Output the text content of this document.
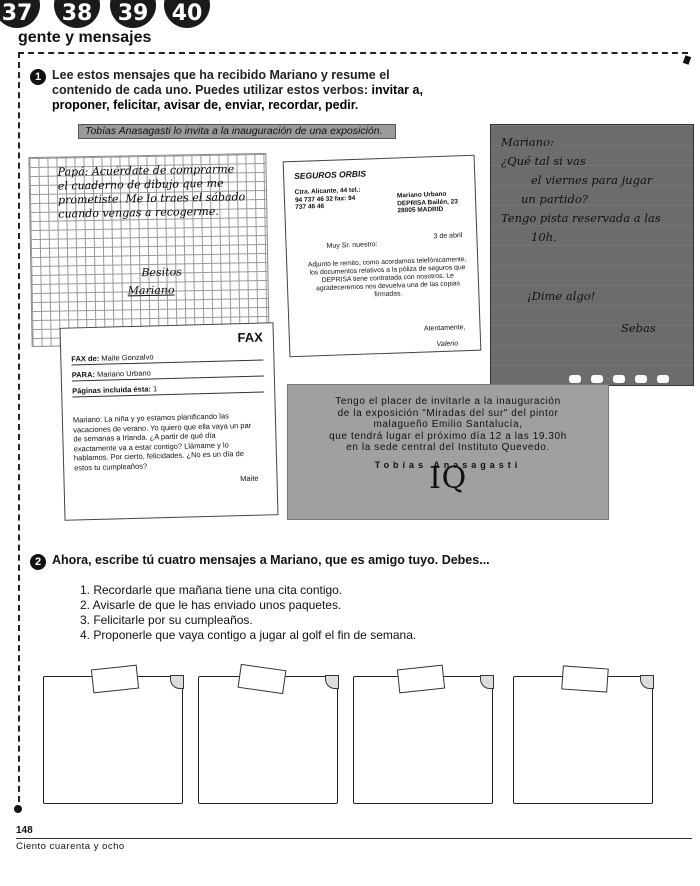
37	38	39	40
gente y mensajes
1 Lee estos mensajes que ha recibido Mariano y resume el contenido de cada uno. Puedes utilizar estos verbos: invitar a, proponer, felicitar, avisar de, enviar, recordar, pedir.
Tobías Anasagasti lo invita a la inauguración de una exposición.
Papá: Acuérdate de comprarme el cuaderno de dibujo que me prometiste. Me lo traes el sábado cuando vengas a recogerme.
Besitos
Mariano
SEGUROS ORBIS
Ctra. Alicante, 44 tel.: 94 737 46 32 fax: 94 737 46 46
Mariano Urbano DEPRISA Bailén, 23 28005 MADRID
3 de abril
Muy Sr. nuestro:
Adjunto le remito, como acordamos telefónicamente, los documentos relativos a la póliza de seguros que DEPRISA tiene contratada con nosotros. Le agradeceremos nos devuelva una de las copias firmadas.
Atentamente,
Valerio
FAX
FAX de: Maite Gonzalvo
PARA: Mariano Urbano
Páginas incluida ésta: 1
Mariano: La niña y yo estamos planificando las vacaciones de verano. Yo quiero que ella vaya un par de semanas a Irlanda. ¿A partir de qué día exactamente va a estar contigo? Llámame y lo hablamos. Por cierto, felicidades. ¿No es un día de estos tu cumpleaños?
Maite
Mariano:
¿Qué tal si vas
el viernes para jugar
un partido?
Tengo pista reservada a las
10h.
¡Dime algo!
Sebas
Tengo el placer de invitarle a la inauguración
de la exposición "Miradas del sur" del pintor
malagueño Emilio Santalucía,
que tendrá lugar el próximo día 12 a las 19.30h
en la sede central del Instituto Quevedo.
Tobías Anasagasti
IQ
2 Ahora, escribe tú cuatro mensajes a Mariano, que es amigo tuyo. Debes...
1. Recordarle que mañana tiene una cita contigo.
2. Avisarle de que le has enviado unos paquetes.
3. Felicitarle por su cumpleaños.
4. Proponerle que vaya contigo a jugar al golf el fin de semana.
148
Ciento cuarenta y ocho
